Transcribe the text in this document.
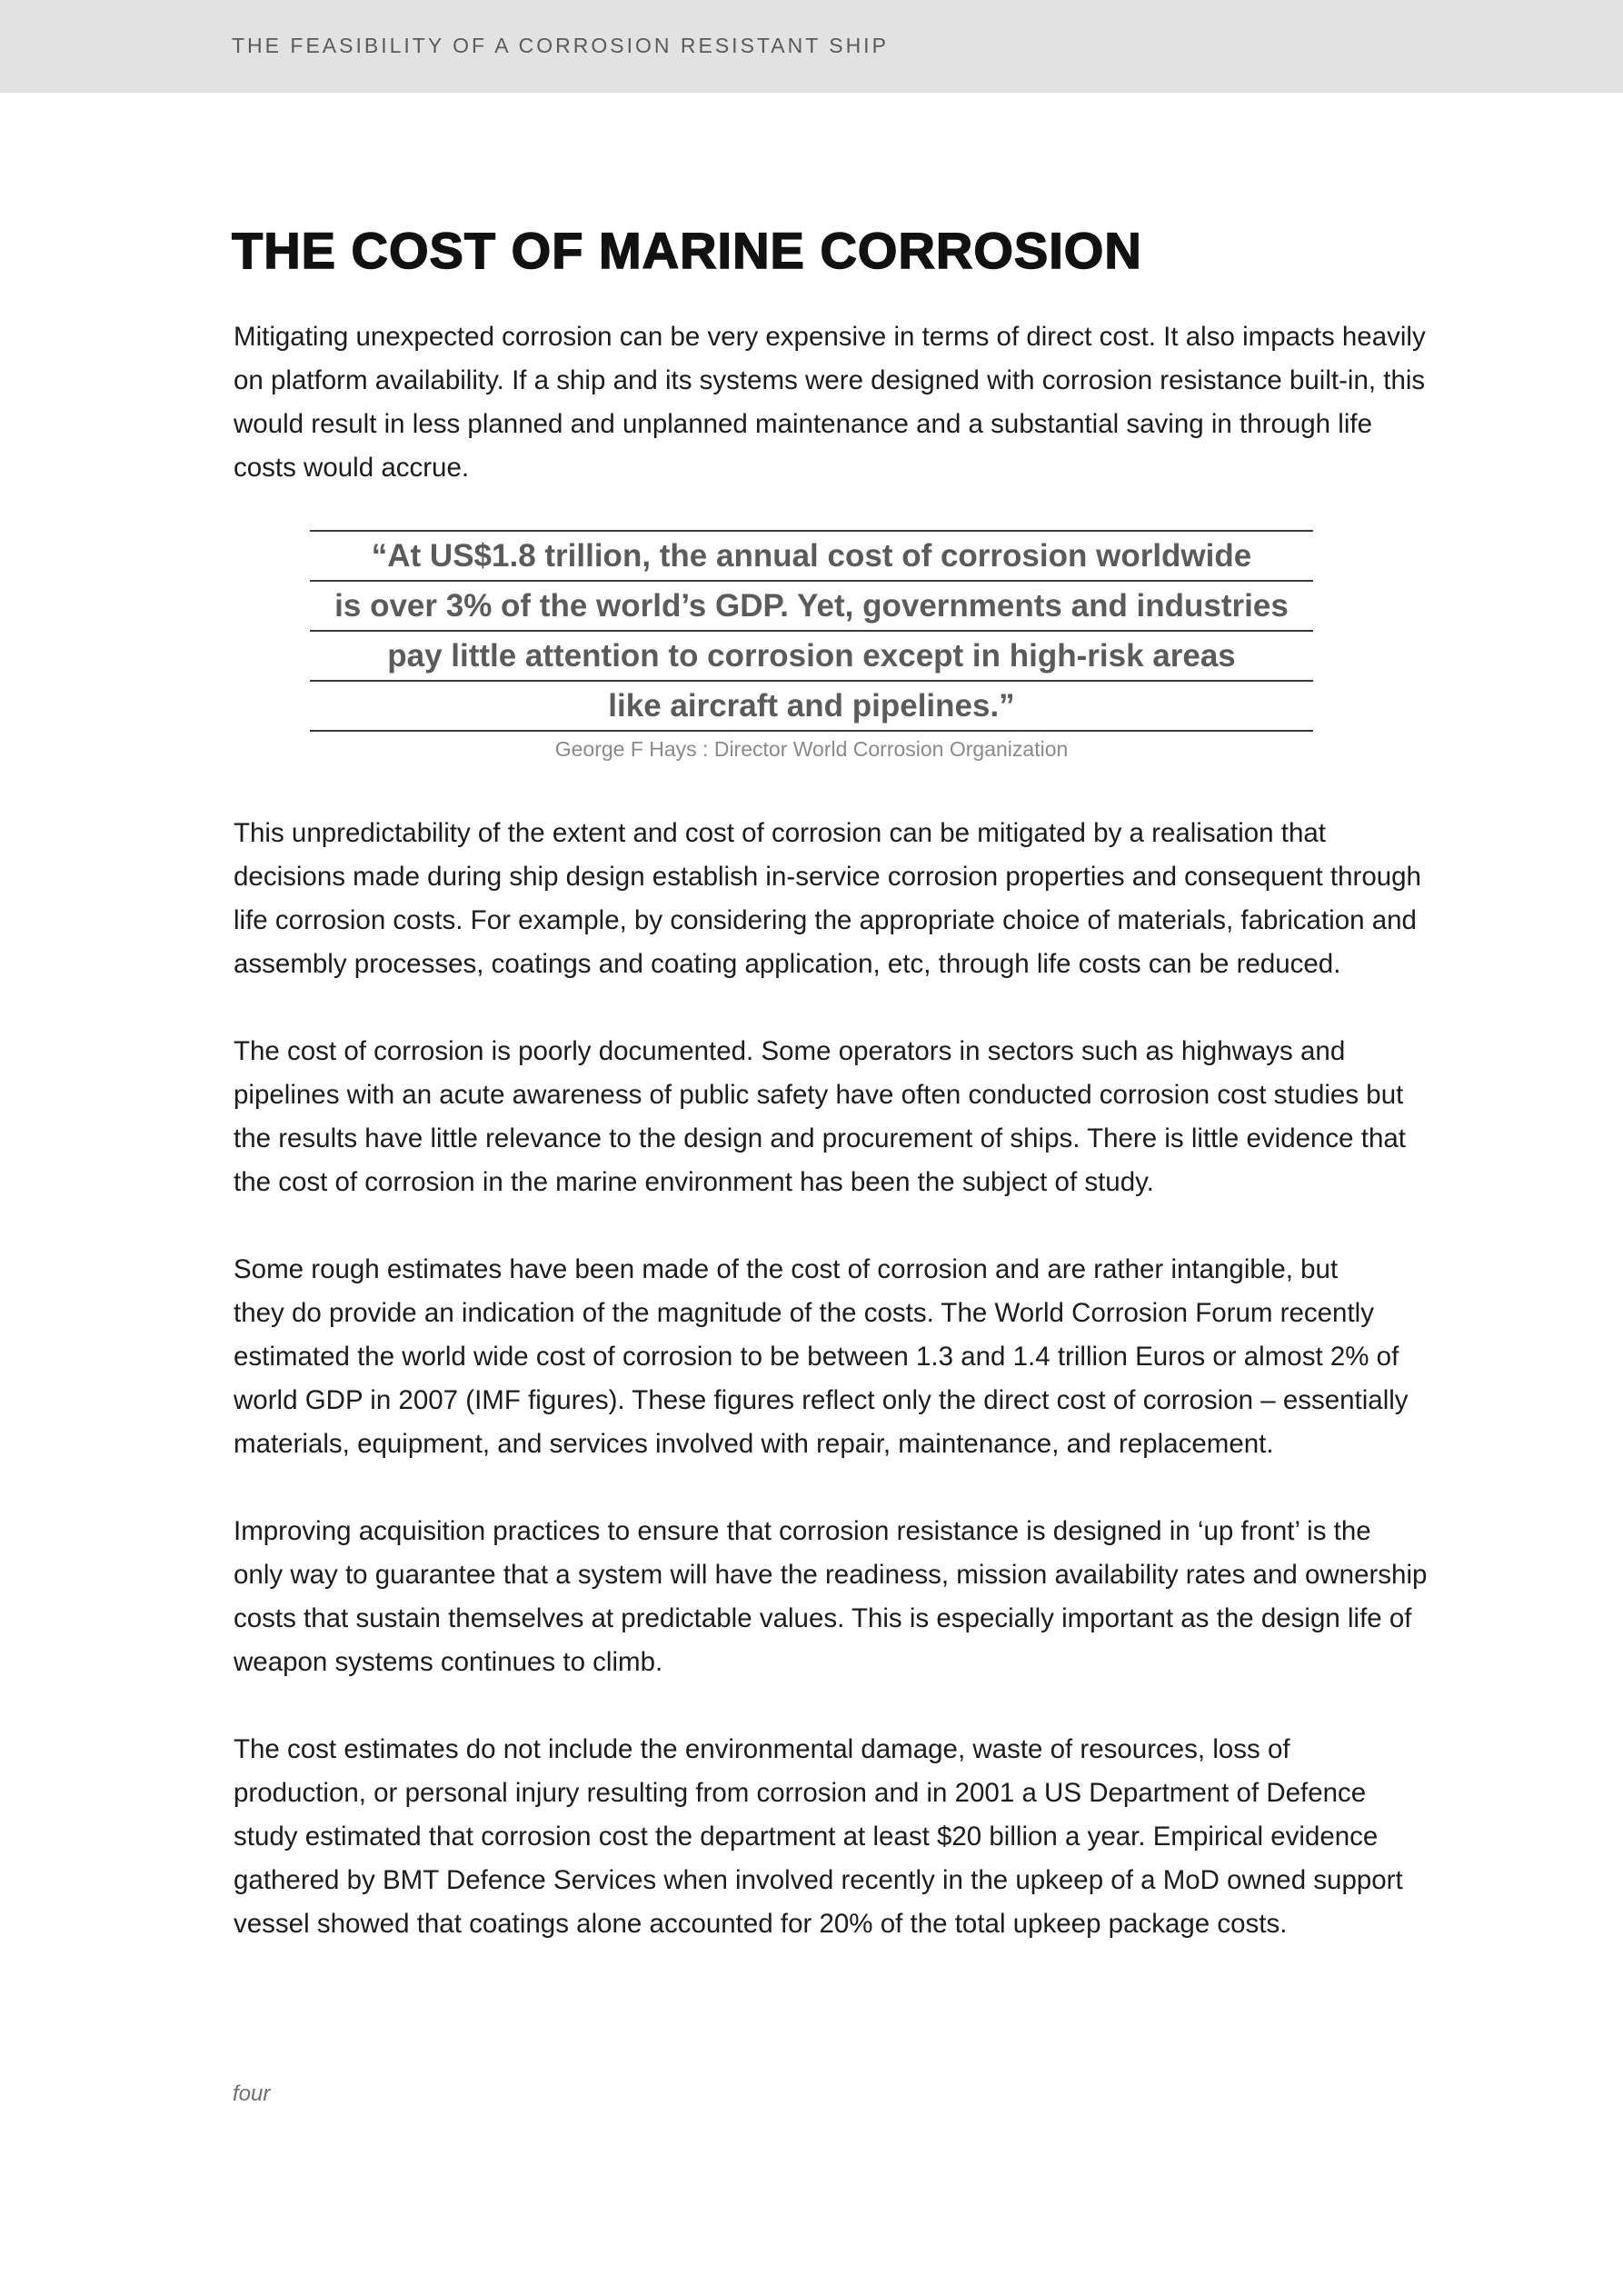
THE FEASIBILITY OF A CORROSION RESISTANT SHIP
THE COST OF MARINE CORROSION

Mitigating unexpected corrosion can be very expensive in terms of direct cost. It also impacts heavily
on platform availability. If a ship and its systems were designed with corrosion resistance built-in, this
would result in less planned and unplanned maintenance and a substantial saving in through life
costs would accrue.

“At US$1.8 trillion, the annual cost of corrosion worldwide
is over 3% of the world’s GDP. Yet, governments and industries
pay little attention to corrosion except in high-risk areas
like aircraft and pipelines.”
George F Hays : Director World Corrosion Organization

This unpredictability of the extent and cost of corrosion can be mitigated by a realisation that
decisions made during ship design establish in-service corrosion properties and consequent through
life corrosion costs. For example, by considering the appropriate choice of materials, fabrication and
assembly processes, coatings and coating application, etc, through life costs can be reduced.

The cost of corrosion is poorly documented. Some operators in sectors such as highways and
pipelines with an acute awareness of public safety have often conducted corrosion cost studies but
the results have little relevance to the design and procurement of ships. There is little evidence that
the cost of corrosion in the marine environment has been the subject of study.

Some rough estimates have been made of the cost of corrosion and are rather intangible, but
they do provide an indication of the magnitude of the costs. The World Corrosion Forum recently
estimated the world wide cost of corrosion to be between 1.3 and 1.4 trillion Euros or almost 2% of
world GDP in 2007 (IMF figures). These figures reflect only the direct cost of corrosion – essentially
materials, equipment, and services involved with repair, maintenance, and replacement.

Improving acquisition practices to ensure that corrosion resistance is designed in ‘up front’ is the
only way to guarantee that a system will have the readiness, mission availability rates and ownership
costs that sustain themselves at predictable values. This is especially important as the design life of
weapon systems continues to climb.

The cost estimates do not include the environmental damage, waste of resources, loss of
production, or personal injury resulting from corrosion and in 2001 a US Department of Defence
study estimated that corrosion cost the department at least $20 billion a year. Empirical evidence
gathered by BMT Defence Services when involved recently in the upkeep of a MoD owned support
vessel showed that coatings alone accounted for 20% of the total upkeep package costs.

four
